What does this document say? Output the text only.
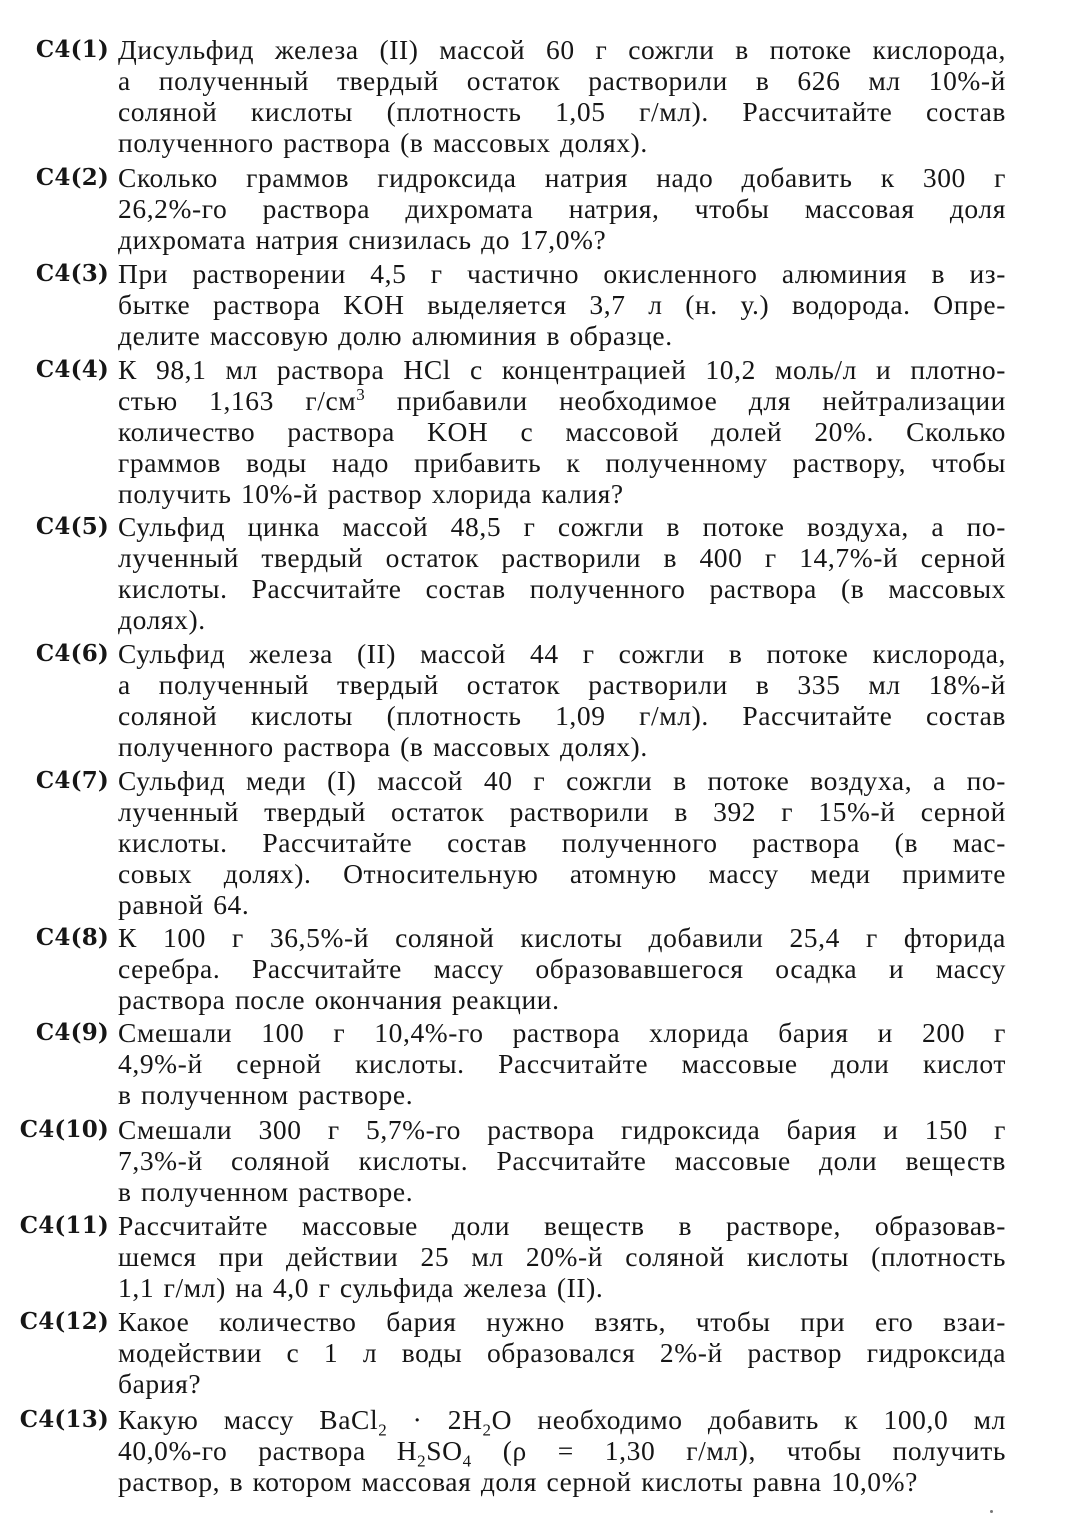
C4(1) Дисульфид железа (II) массой 60 г сожгли в потоке кислорода,
а полученный твердый остаток растворили в 626 мл 10%-й
соляной кислоты (плотность 1,05 г/мл). Рассчитайте состав
полученного раствора (в массовых долях).
C4(2) Сколько граммов гидроксида натрия надо добавить к 300 г
26,2%-го раствора дихромата натрия, чтобы массовая доля
дихромата натрия снизилась до 17,0%?
C4(3) При растворении 4,5 г частично окисленного алюминия в из-
бытке раствора KOH выделяется 3,7 л (н. у.) водорода. Опре-
делите массовую долю алюминия в образце.
C4(4) К 98,1 мл раствора HCl с концентрацией 10,2 моль/л и плотно-
стью 1,163 $г/см^3$ прибавили необходимое для нейтрализации
количество раствора KOH с массовой долей 20%. Сколько
граммов воды надо прибавить к полученному раствору, чтобы
получить 10%-й раствор хлорида калия?
C4(5) Сульфид цинка массой 48,5 г сожгли в потоке воздуха, а по-
лученный твердый остаток растворили в 400 г 14,7%-й серной
кислоты. Рассчитайте состав полученного раствора (в массовых
долях).
C4(6) Сульфид железа (II) массой 44 г сожгли в потоке кислорода,
а полученный твердый остаток растворили в 335 мл 18%-й
соляной кислоты (плотность 1,09 г/мл). Рассчитайте состав
полученного раствора (в массовых долях).
C4(7) Сульфид меди (I) массой 40 г сожгли в потоке воздуха, а по-
лученный твердый остаток растворили в 392 г 15%-й серной
кислоты. Рассчитайте состав полученного раствора (в мас-
совых долях). Относительную атомную массу меди примите
равной 64.
C4(8) К 100 г 36,5%-й соляной кислоты добавили 25,4 г фторида
серебра. Рассчитайте массу образовавшегося осадка и массу
раствора после окончания реакции.
C4(9) Смешали 100 г 10,4%-го раствора хлорида бария и 200 г
4,9%-й серной кислоты. Рассчитайте массовые доли кислот
в полученном растворе.
C4(10) Смешали 300 г 5,7%-го раствора гидроксида бария и 150 г
7,3%-й соляной кислоты. Рассчитайте массовые доли веществ
в полученном растворе.
C4(11) Рассчитайте массовые доли веществ в растворе, образовав-
шемся при действии 25 мл 20%-й соляной кислоты (плотность
1,1 г/мл) на 4,0 г сульфида железа (II).
C4(12) Какое количество бария нужно взять, чтобы при его взаи-
модействии с 1 л воды образовался 2%-й раствор гидроксида
бария?
C4(13) Какую массу BaCl$_2$ · $2H_2O$ необходимо добавить к 100,0 мл
40,0%-го раствора $H_2SO_4$ (ρ = 1,30 г/мл), чтобы получить
раствор, в котором массовая доля серной кислоты равна 10,0%?
